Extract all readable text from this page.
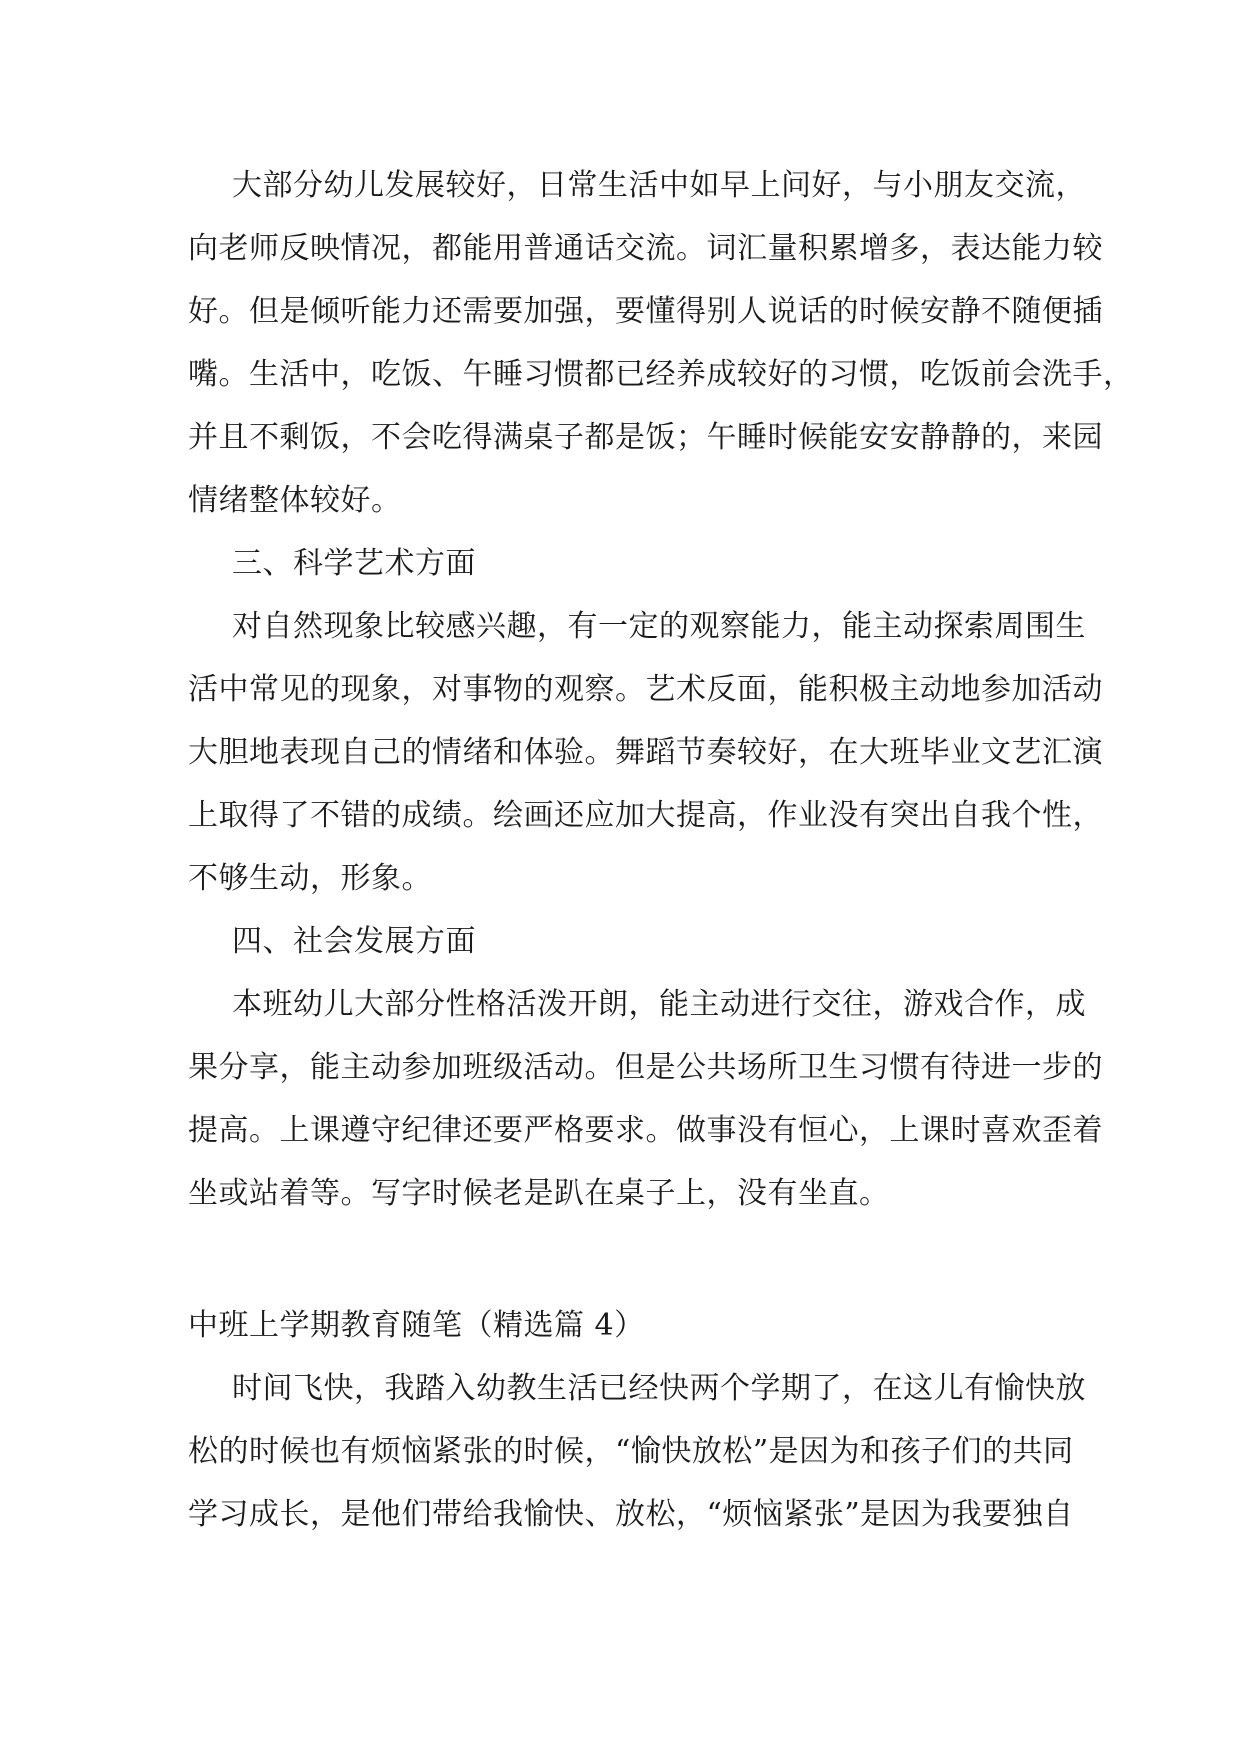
大部分幼儿发展较好，日常生活中如早上问好，与小朋友交流，
向老师反映情况，都能用普通话交流。词汇量积累增多，表达能力较
好。但是倾听能力还需要加强，要懂得别人说话的时候安静不随便插
嘴。生活中，吃饭、午睡习惯都已经养成较好的习惯，吃饭前会洗手，
并且不剩饭，不会吃得满桌子都是饭；午睡时候能安安静静的，来园
情绪整体较好。
三、科学艺术方面
对自然现象比较感兴趣，有一定的观察能力，能主动探索周围生
活中常见的现象，对事物的观察。艺术反面，能积极主动地参加活动
大胆地表现自己的情绪和体验。舞蹈节奏较好，在大班毕业文艺汇演
上取得了不错的成绩。绘画还应加大提高，作业没有突出自我个性，
不够生动，形象。
四、社会发展方面
本班幼儿大部分性格活泼开朗，能主动进行交往，游戏合作，成
果分享，能主动参加班级活动。但是公共场所卫生习惯有待进一步的
提高。上课遵守纪律还要严格要求。做事没有恒心，上课时喜欢歪着
坐或站着等。写字时候老是趴在桌子上，没有坐直。
中班上学期教育随笔（精选篇 4）
时间飞快，我踏入幼教生活已经快两个学期了，在这儿有愉快放
松的时候也有烦恼紧张的时候，“愉快放松”是因为和孩子们的共同
学习成长，是他们带给我愉快、放松，“烦恼紧张”是因为我要独自
